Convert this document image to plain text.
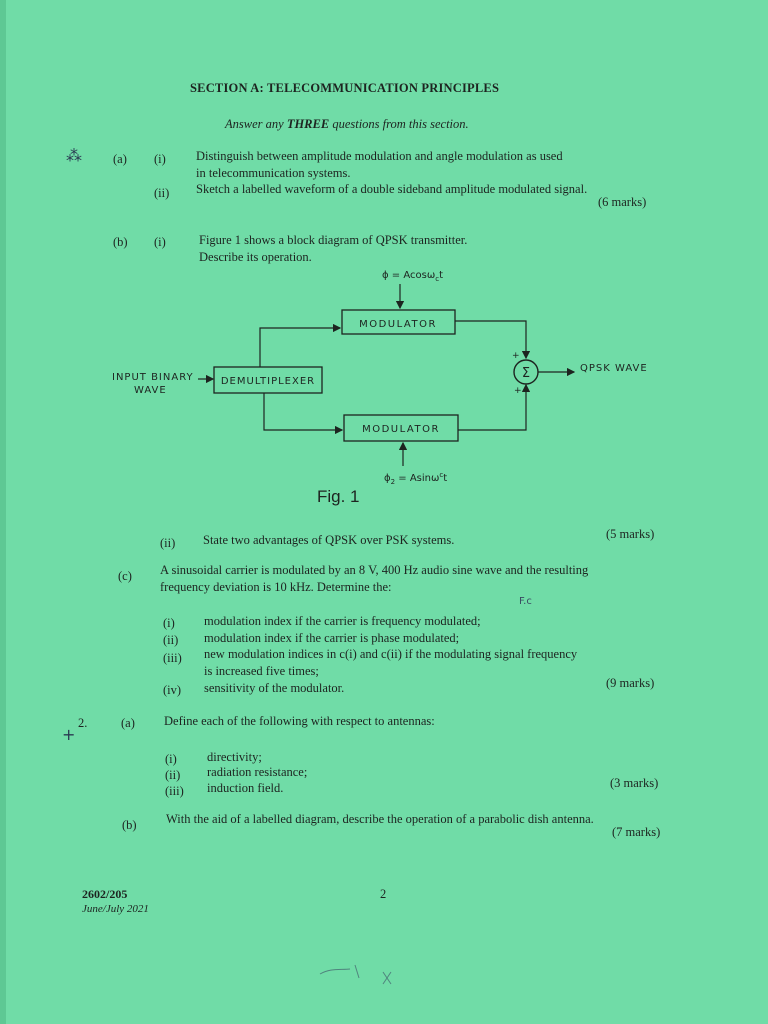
SECTION A: TELECOMMUNICATION PRINCIPLES
Answer any THREE questions from this section.
⁂ (a) (i) Distinguish between amplitude modulation and angle modulation as used
in telecommunication systems.
(ii) Sketch a labelled waveform of a double sideband amplitude modulated signal.
(6 marks)
(b) (i)	Figure 1 shows a block diagram of QPSK transmitter.
Describe its operation.
ϕ = Acosω$_c$t
MODULATOR
DEMULTIPLEXER
INPUT BINARY
WAVE
MODULATOR
$\phi_2 = Asin\omega^ct$
Σ
+
+
QPSK WAVE
Fig. 1
(ii) State two advantages of QPSK over PSK systems.	(5 marks)
(c) A sinusoidal carrier is modulated by an 8 V, 400 Hz audio sine wave and the resulting
frequency deviation is 10 kHz. Determine the:
F.c
(i) modulation index if the carrier is frequency modulated;
(ii) modulation index if the carrier is phase modulated;
(iii) new modulation indices in c(i) and c(ii) if the modulating signal frequency
is increased five times;
(iv) sensitivity of the modulator.	(9 marks)
+
2.	(a) Define each of the following with respect to antennas:
(i) directivity;
(ii) radiation resistance;
(iii) induction field.	(3 marks)
(b) With the aid of a labelled diagram, describe the operation of a parabolic dish antenna.
(7 marks)
2602/205
June/July 2021
2
